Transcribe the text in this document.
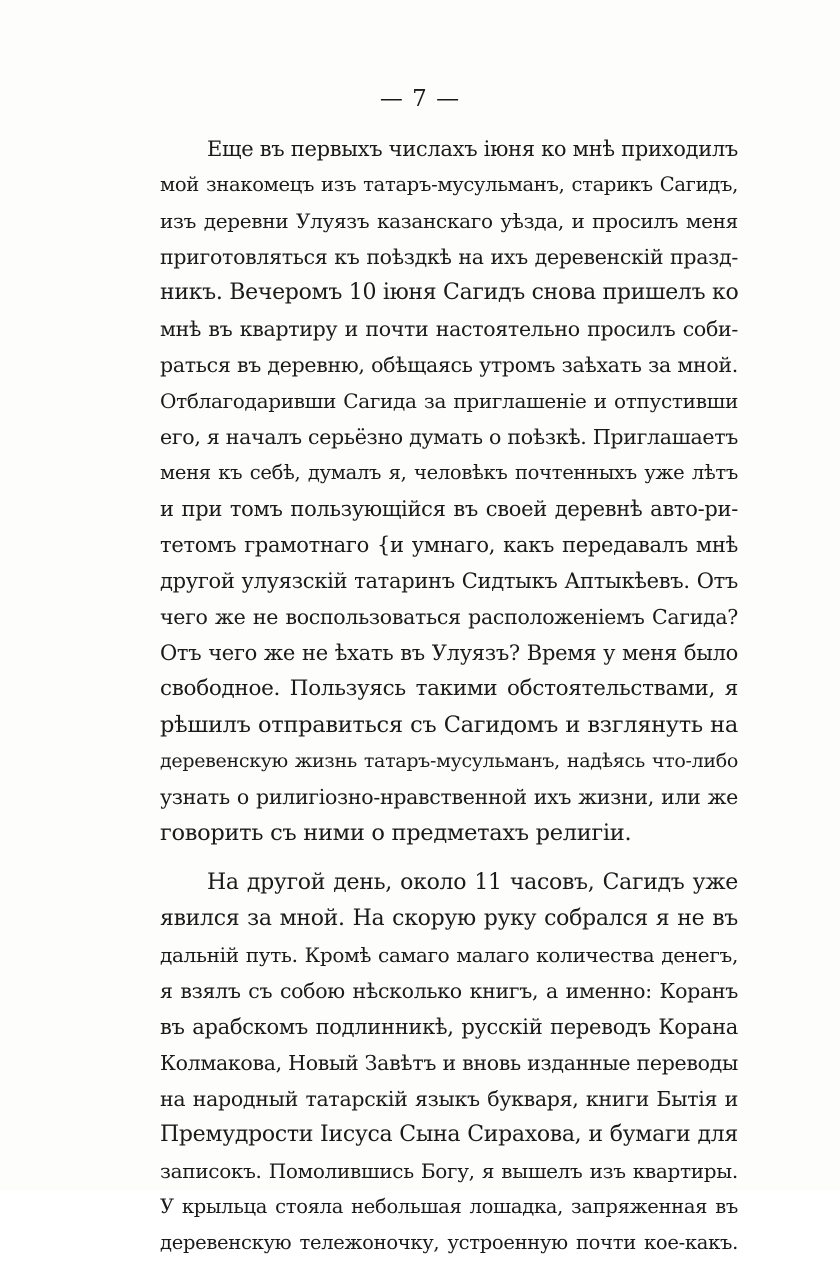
— 7 —
Еще въ первыхъ числахъ іюня ко мнѣ приходилъ
мой знакомецъ изъ татаръ-мусульманъ, старикъ Сагидъ,
изъ деревни Улуязъ казанскаго уѣзда, и просилъ меня
приготовляться къ поѣздкѣ на ихъ деревенскій празд-
никъ. Вечеромъ 10 іюня Сагидъ снова пришелъ ко
мнѣ въ квартиру и почти настоятельно просилъ соби-
раться въ деревню, обѣщаясь утромъ заѣхать за мной.
Отблагодаривши Сагида за приглашеніе и отпустивши
его, я началъ серьёзно думать о поѣзкѣ. Приглашаетъ
меня къ себѣ, думалъ я, человѣкъ почтенныхъ уже лѣтъ
и при томъ пользующійся въ своей деревнѣ авто-ри-
тетомъ грамотнаго {и умнаго, какъ передавалъ мнѣ
другой улуязскій татаринъ Сидтыкъ Аптыкѣевъ. Отъ
чего же не воспользоваться расположеніемъ Сагида?
Отъ чего же не ѣхать въ Улуязъ? Время у меня было
свободное. Пользуясь такими обстоятельствами, я
рѣшилъ отправиться съ Сагидомъ и взглянуть на
деревенскую жизнь татаръ-мусульманъ, надѣясь что-либо
узнать о рилигіозно-нравственной ихъ жизни, или же
говорить съ ними о предметахъ религіи.
На другой день, около 11 часовъ, Сагидъ уже
явился за мной. На скорую руку собрался я не въ
дальній путь. Кромѣ самаго малаго количества денегъ,
я взялъ съ собою нѣсколько книгъ, а именно: Коранъ
въ арабскомъ подлинникѣ, русскій переводъ Корана
Колмакова, Новый Завѣтъ и вновь изданные переводы
на народный татарскій языкъ букваря, книги Бытія и
Премудрости Іисуса Сына Сирахова, и бумаги для
записокъ. Помолившись Богу, я вышелъ изъ квартиры.
У крыльца стояла небольшая лошадка, запряженная въ
деревенскую тележоночку, устроенную почти кое-какъ.
